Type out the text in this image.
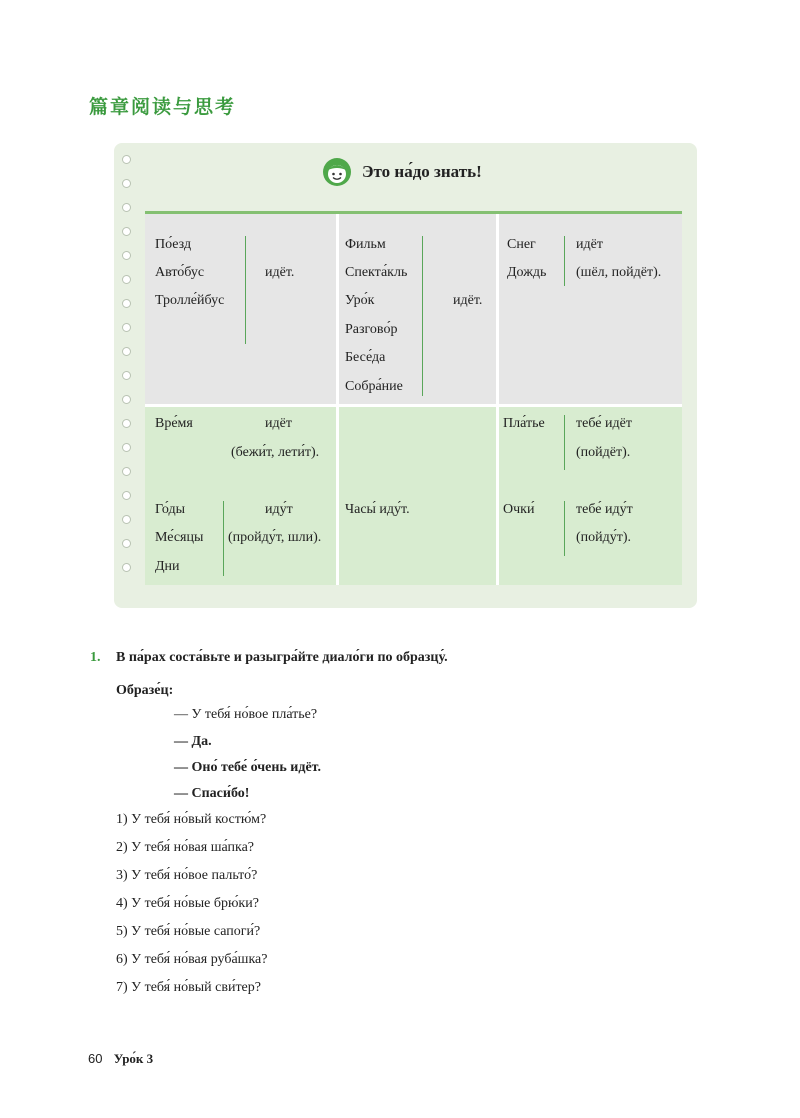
篇章阅读与思考
Это на́до знать!
По́езд
Авто́бус
Тролле́йбус
идёт.
Фильм
Спекта́кль
Уро́к
Разгово́р
Бесе́да
Собра́ние
идёт.
Снег
Дождь
идёт
(шёл, пойдёт).
Вре́мя	идёт
(бежи́т, лети́т).
Го́ды
Ме́сяцы
Дни
иду́т
(пройду́т, шли).
Часы́ иду́т.
Пла́тье тебе́ идёт
(пойдёт).
Очки́	тебе́ иду́т
(пойду́т).
1. В па́рах соста́вьте и разыгра́йте диало́ги по образцу́.
Образе́ц:
— У тебя́ но́вое пла́тье?
— Да.
— Оно́ тебе́ о́чень идёт.
— Спаси́бо!
1) У тебя́ но́вый костю́м?
2) У тебя́ но́вая ша́пка?
3) У тебя́ но́вое пальто́?
4) У тебя́ но́вые брю́ки?
5) У тебя́ но́вые сапоги́?
6) У тебя́ но́вая руба́шка?
7) У тебя́ но́вый сви́тер?
60 Уро́к 3
